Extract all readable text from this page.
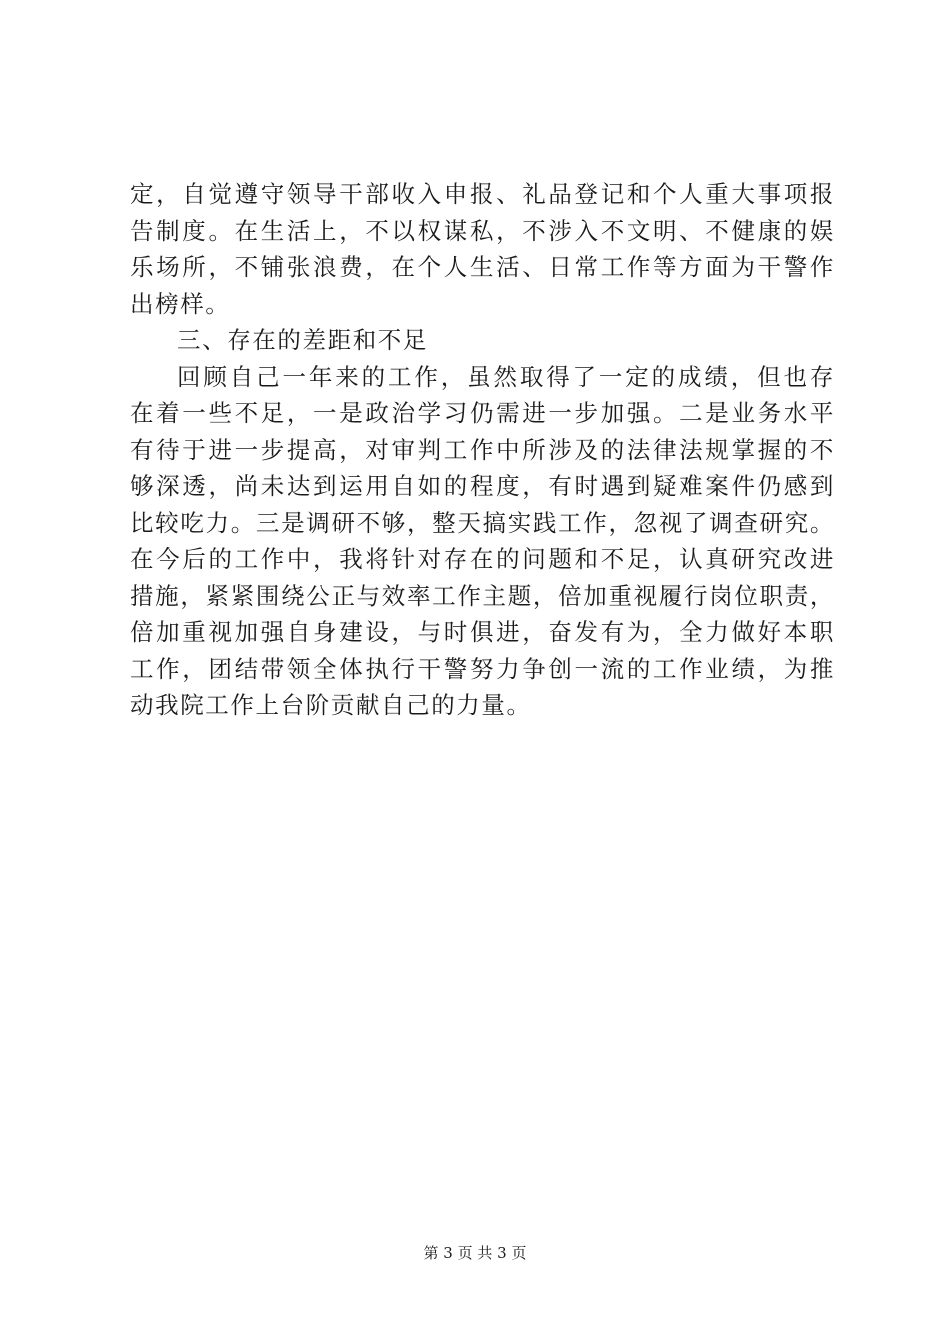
定，自觉遵守领导干部收入申报、礼品登记和个人重大事项报
告制度。在生活上，不以权谋私，不涉入不文明、不健康的娱
乐场所，不铺张浪费，在个人生活、日常工作等方面为干警作
出榜样。
三、存在的差距和不足
回顾自己一年来的工作，虽然取得了一定的成绩，但也存
在着一些不足，一是政治学习仍需进一步加强。二是业务水平
有待于进一步提高，对审判工作中所涉及的法律法规掌握的不
够深透，尚未达到运用自如的程度，有时遇到疑难案件仍感到
比较吃力。三是调研不够，整天搞实践工作，忽视了调查研究。
在今后的工作中，我将针对存在的问题和不足，认真研究改进
措施，紧紧围绕公正与效率工作主题，倍加重视履行岗位职责，
倍加重视加强自身建设，与时俱进，奋发有为，全力做好本职
工作，团结带领全体执行干警努力争创一流的工作业绩，为推
动我院工作上台阶贡献自己的力量。
第 3 页 共 3 页
